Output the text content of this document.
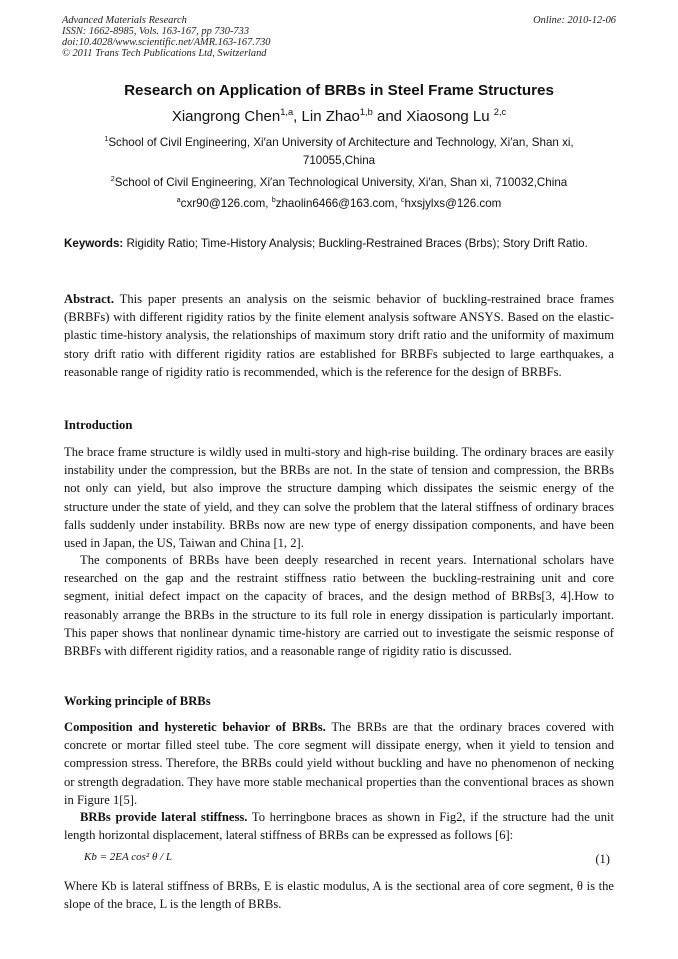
Advanced Materials Research
ISSN: 1662-8985, Vols. 163-167, pp 730-733
doi:10.4028/www.scientific.net/AMR.163-167.730
© 2011 Trans Tech Publications Ltd, Switzerland
Online: 2010-12-06
Research on Application of BRBs in Steel Frame Structures
Xiangrong Chen$^{1,a}$, Lin Zhao$^{1,b}$ and Xiaosong Lu $^{2,c}$
$^1$School of Civil Engineering, Xi′an University of Architecture and Technology, Xi′an, Shan xi, 710055,China
$^2$School of Civil Engineering, Xi′an Technological University, Xi′an, Shan xi, 710032,China
$^a$cxr90@126.com, $^b$zhaolin6466@163.com, $^c$hxsjylxs@126.com
Keywords: Rigidity Ratio; Time-History Analysis; Buckling-Restrained Braces (Brbs); Story Drift Ratio.
Abstract. This paper presents an analysis on the seismic behavior of buckling-restrained brace frames (BRBFs) with different rigidity ratios by the finite element analysis software ANSYS. Based on the elastic-plastic time-history analysis, the relationships of maximum story drift ratio and the uniformity of maximum story drift ratio with different rigidity ratios are established for BRBFs subjected to large earthquakes, a reasonable range of rigidity ratio is recommended, which is the reference for the design of BRBFs.
Introduction
The brace frame structure is wildly used in multi-story and high-rise building. The ordinary braces are easily instability under the compression, but the BRBs are not. In the state of tension and compression, the BRBs not only can yield, but also improve the structure damping which dissipates the seismic energy of the structure under the state of yield, and they can solve the problem that the lateral stiffness of ordinary braces falls suddenly under instability. BRBs now are new type of energy dissipation components, and have been used in Japan, the US, Taiwan and China [1, 2].
The components of BRBs have been deeply researched in recent years. International scholars have researched on the gap and the restraint stiffness ratio between the buckling-restraining unit and core segment, initial defect impact on the capacity of braces, and the design method of BRBs[3, 4].How to reasonably arrange the BRBs in the structure to its full role in energy dissipation is particularly important. This paper shows that nonlinear dynamic time-history are carried out to investigate the seismic response of BRBFs with different rigidity ratios, and a reasonable range of rigidity ratio is discussed.
Working principle of BRBs
Composition and hysteretic behavior of BRBs. The BRBs are that the ordinary braces covered with concrete or mortar filled steel tube. The core segment will dissipate energy, when it yield to tension and compression stress. Therefore, the BRBs could yield without buckling and have no phenomenon of necking or strength degradation. They have more stable mechanical properties than the conventional braces as shown in Figure 1[5].
BRBs provide lateral stiffness. To herringbone braces as shown in Fig2, if the structure had the unit length horizontal displacement, lateral stiffness of BRBs can be expressed as follows [6]:
Kb = 2EA cos² θ / L	(1)
Where Kb is lateral stiffness of BRBs, E is elastic modulus, A is the sectional area of core segment, θ is the slope of the brace, L is the length of BRBs.
